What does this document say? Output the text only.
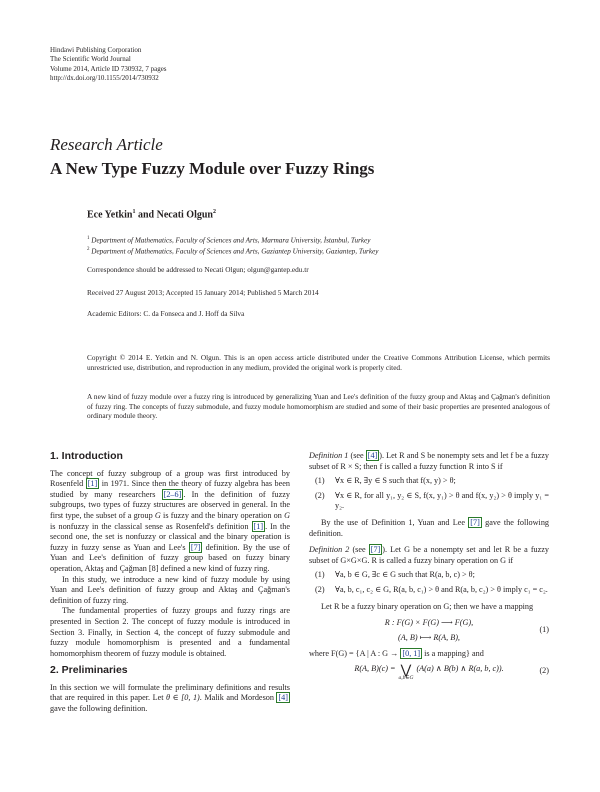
Hindawi Publishing Corporation
The Scientific World Journal
Volume 2014, Article ID 730932, 7 pages
http://dx.doi.org/10.1155/2014/730932
Research Article
A New Type Fuzzy Module over Fuzzy Rings
Ece Yetkin$^1$ and Necati Olgun$^2$
$^1$ Department of Mathematics, Faculty of Sciences and Arts, Marmara University, İstanbul, Turkey
$^2$ Department of Mathematics, Faculty of Sciences and Arts, Gaziantep University, Gaziantep, Turkey
Correspondence should be addressed to Necati Olgun; olgun@gantep.edu.tr
Received 27 August 2013; Accepted 15 January 2014; Published 5 March 2014
Academic Editors: C. da Fonseca and J. Hoff da Silva
Copyright © 2014 E. Yetkin and N. Olgun. This is an open access article distributed under the Creative Commons Attribution License, which permits unrestricted use, distribution, and reproduction in any medium, provided the original work is properly cited.
A new kind of fuzzy module over a fuzzy ring is introduced by generalizing Yuan and Lee's definition of the fuzzy group and Aktaş and Çağman's definition of fuzzy ring. The concepts of fuzzy submodule, and fuzzy module homomorphism are studied and some of their basic properties are presented analogous of ordinary module theory.
1. Introduction

The concept of fuzzy subgroup of a group was first introduced by Rosenfeld [1] in 1971. Since then the theory of fuzzy algebra has been studied by many researchers [2–6] . In the definition of fuzzy subgroups, two types of fuzzy structures are observed in general. In the first type, the subset of a group G is fuzzy and the binary operation on G is nonfuzzy in the classical sense as Rosenfeld's definition [1] . In the second one, the set is nonfuzzy or classical and the binary operation is fuzzy in fuzzy sense as Yuan and Lee's [7] definition. By the use of Yuan and Lee's definition of fuzzy group based on fuzzy binary operation, Aktaş and Çağman [8] defined a new kind of fuzzy ring.

In this study, we introduce a new kind of fuzzy module by using Yuan and Lee's definition of fuzzy group and Aktaş and Çağman's definition of fuzzy ring.

The fundamental properties of fuzzy groups and fuzzy rings are presented in Section 2. The concept of fuzzy module is introduced in Section 3. Finally, in Section 4, the concept of fuzzy submodule and fuzzy module homomorphism is presented and a fundamental homomorphism theorem of fuzzy module is obtained.

2. Preliminaries

In this section we will formulate the preliminary definitions and results that are required in this paper. Let θ ∈ [0, 1). Malik and Mordeson [4] gave the following definition.

Definition 1 (see [4] ). Let R and S be nonempty sets and let f be a fuzzy subset of R × S; then f is called a fuzzy function R into S if

(1)	∀x ∈ R, ∃y ∈ S such that f(x, y) > θ;
(2)	∀x ∈ R, for all y₁, y₂ ∈ S, f(x, y₁) > θ and f(x, y₂) > θ imply y₁ = y₂.

By the use of Definition 1, Yuan and Lee [7] gave the following definition.

Definition 2 (see [7] ). Let G be a nonempty set and let R be a fuzzy subset of G×G×G. R is called a fuzzy binary operation on G if

(1)	∀a, b ∈ G, ∃c ∈ G such that R(a, b, c) > θ;
(2)	∀a, b, c₁, c₂ ∈ G, R(a, b, c₁) > θ and R(a, b, c₂) > θ imply c₁ = c₂.

Let R be a fuzzy binary operation on G; then we have a mapping

R : F(G) × F(G) ⟶ F(G),
(A, B) ⟼ R(A, B),
(1)

where F(G) = {A | A : G → [0, 1] is a mapping} and

R(A, B)(c) = ⋁
a,b∈G
(A(a) ∧ B(b) ∧ R(a, b, c)).	(2)
